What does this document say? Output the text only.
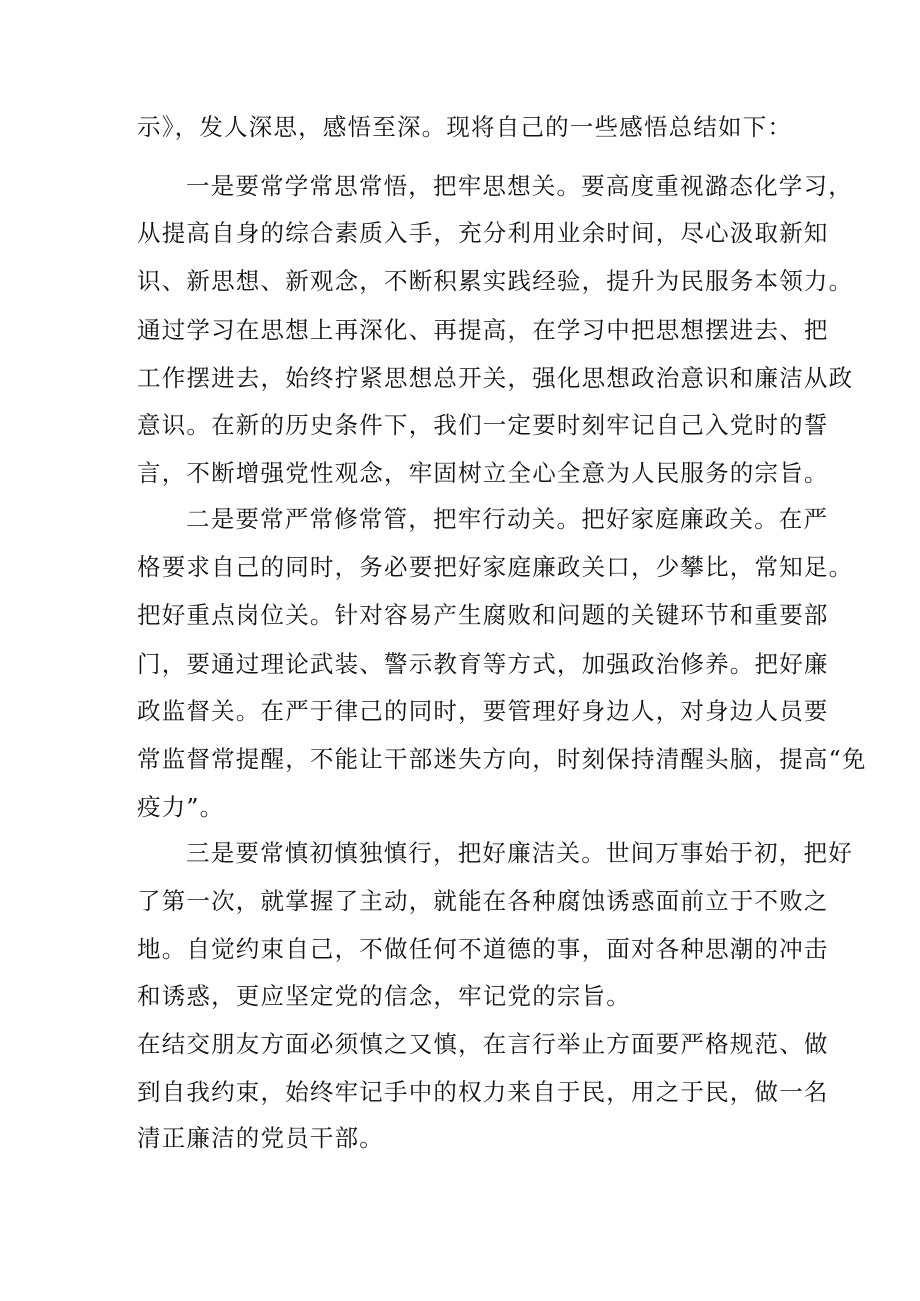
示》，发人深思，感悟至深。现将自己的一些感悟总结如下：
一是要常学常思常悟，把牢思想关。要高度重视潞态化学习，
从提高自身的综合素质入手，充分利用业余时间，尽心汲取新知
识、新思想、新观念，不断积累实践经验，提升为民服务本领力。
通过学习在思想上再深化、再提高，在学习中把思想摆进去、把
工作摆进去，始终拧紧思想总开关，强化思想政治意识和廉洁从政
意识。在新的历史条件下，我们一定要时刻牢记自己入党时的誓
言，不断增强党性观念，牢固树立全心全意为人民服务的宗旨。
二是要常严常修常管，把牢行动关。把好家庭廉政关。在严
格要求自己的同时，务必要把好家庭廉政关口，少攀比，常知足。
把好重点岗位关。针对容易产生腐败和问题的关键环节和重要部
门，要通过理论武装、警示教育等方式，加强政治修养。把好廉
政监督关。在严于律己的同时，要管理好身边人，对身边人员要
常监督常提醒，不能让干部迷失方向，时刻保持清醒头脑，提高“免
疫力”。
三是要常慎初慎独慎行，把好廉洁关。世间万事始于初，把好
了第一次，就掌握了主动，就能在各种腐蚀诱惑面前立于不败之
地。自觉约束自己，不做任何不道德的事，面对各种思潮的冲击
和诱惑，更应坚定党的信念，牢记党的宗旨。
在结交朋友方面必须慎之又慎，在言行举止方面要严格规范、做
到自我约束，始终牢记手中的权力来自于民，用之于民，做一名
清正廉洁的党员干部。
